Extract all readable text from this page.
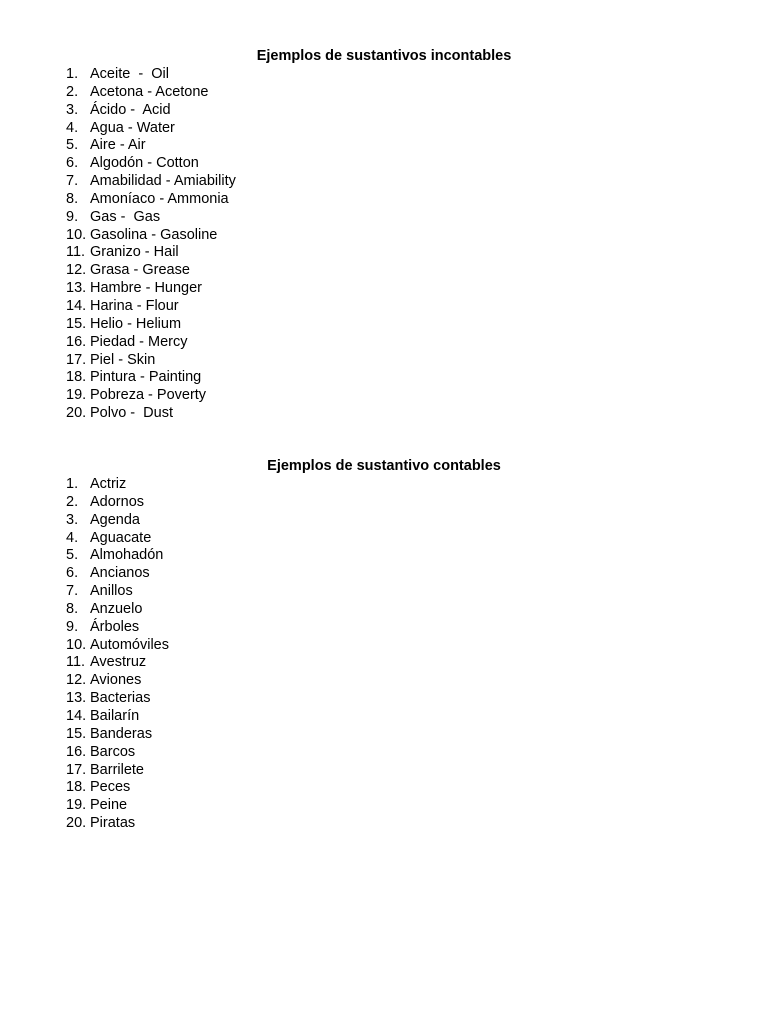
Ejemplos de sustantivos incontables
1. Aceite  -  Oil
2. Acetona - Acetone
3. Ácido -  Acid
4. Agua - Water
5. Aire - Air
6. Algodón - Cotton
7. Amabilidad - Amiability
8. Amoníaco - Ammonia
9. Gas -  Gas
10. Gasolina - Gasoline
11. Granizo - Hail
12. Grasa - Grease
13. Hambre - Hunger
14. Harina - Flour
15. Helio - Helium
16. Piedad - Mercy
17. Piel - Skin
18. Pintura - Painting
19. Pobreza - Poverty
20. Polvo -  Dust
Ejemplos de sustantivo contables
1. Actriz
2. Adornos
3. Agenda
4. Aguacate
5. Almohadón
6. Ancianos
7. Anillos
8. Anzuelo
9. Árboles
10. Automóviles
11. Avestruz
12. Aviones
13. Bacterias
14. Bailarín
15. Banderas
16. Barcos
17. Barrilete
18. Peces
19. Peine
20. Piratas
